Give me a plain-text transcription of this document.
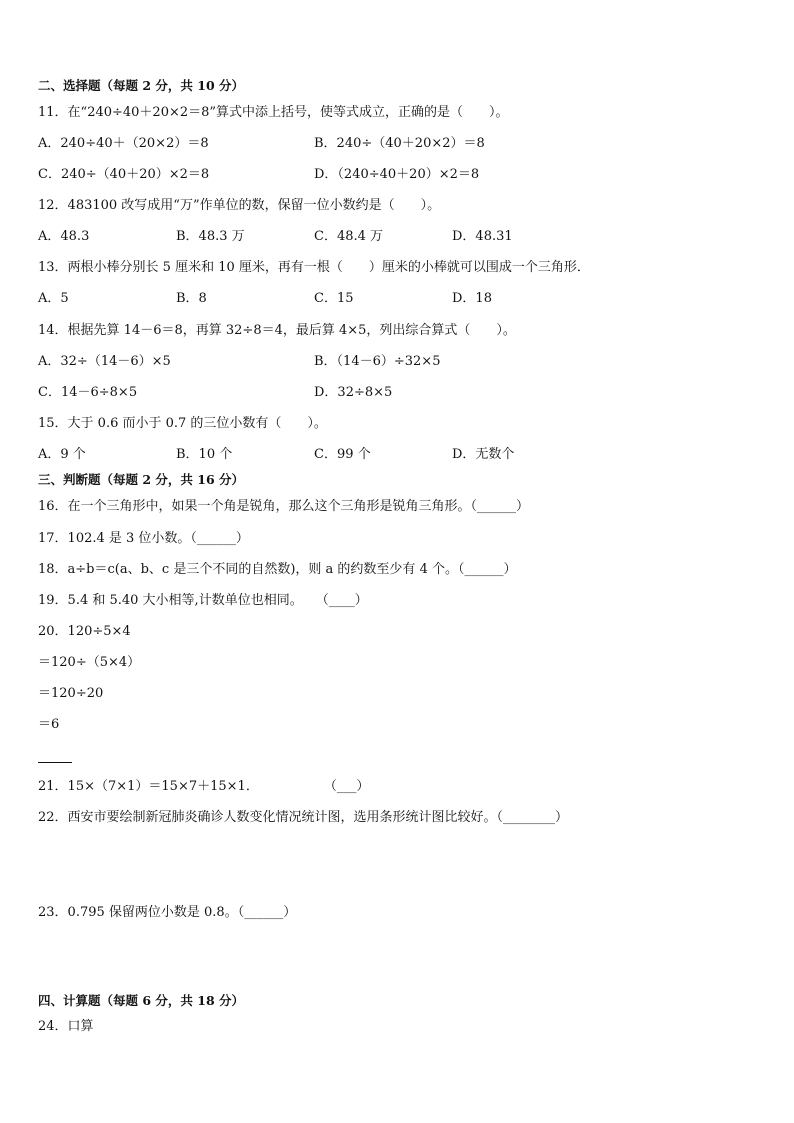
二、选择题（每题 2 分，共 10 分）
11．在“240÷40＋20×2＝8”算式中添上括号，使等式成立，正确的是（　　）。
A．240÷40＋（20×2）＝8	B．240÷（40＋20×2）＝8
C．240÷（40＋20）×2＝8	D．（240÷40＋20）×2＝8
12．483100 改写成用“万”作单位的数，保留一位小数约是（　　）。
A．48.3	B．48.3 万	C．48.4 万	D．48.31
13．两根小棒分别长 5 厘米和 10 厘米，再有一根（　　）厘米的小棒就可以围成一个三角形．
A．5	B．8	C．15	D．18
14．根据先算 14－6＝8，再算 32÷8＝4，最后算 4×5，列出综合算式（　　）。
A．32÷（14－6）×5	B．（14－6）÷32×5
C．14－6÷8×5	D．32÷8×5
15．大于 0.6 而小于 0.7 的三位小数有（　　）。
A．9 个	B．10 个	C．99 个	D．无数个
三、判断题（每题 2 分，共 16 分）
16．在一个三角形中，如果一个角是锐角，那么这个三角形是锐角三角形。（______）
17．102.4 是 3 位小数。（______）
18．a÷b＝c(a、b、c 是三个不同的自然数)，则 a 的约数至少有 4 个。（______）
19．5.4 和 5.40 大小相等,计数单位也相同。　　（____）
20．120÷5×4
＝120÷（5×4）
＝120÷20
＝6
21．15×（7×1）＝15×7＋15×1．　　　　　　（___）
22．西安市要绘制新冠肺炎确诊人数变化情况统计图，选用条形统计图比较好。（________）
23．0.795 保留两位小数是 0.8。（______）
四、计算题（每题 6 分，共 18 分）
24．口算
